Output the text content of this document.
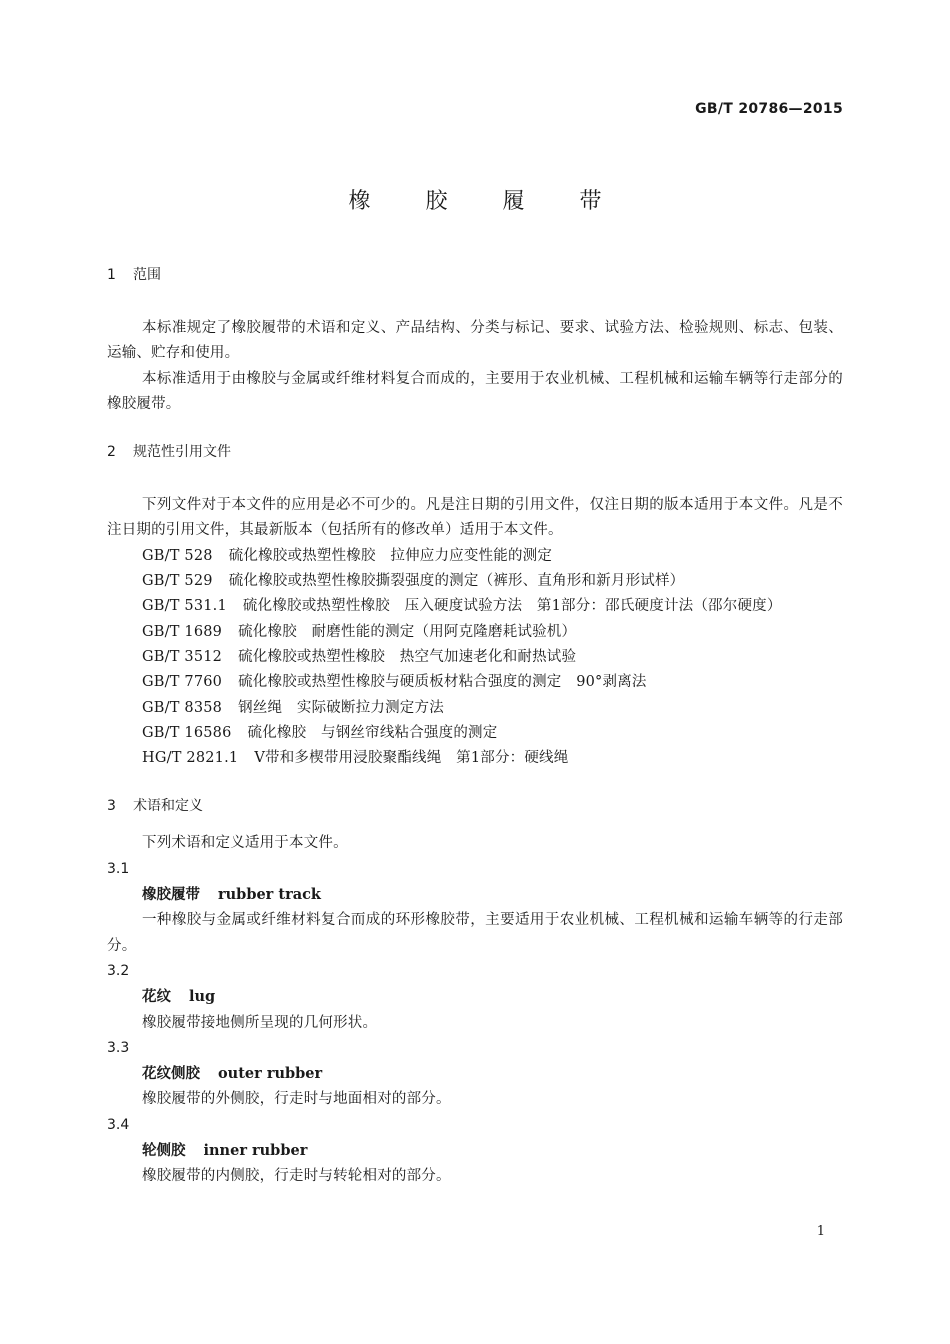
GB/T 20786—2015
橡 胶 履 带
1 范围

本标准规定了橡胶履带的术语和定义、产品结构、分类与标记、要求、试验方法、检验规则、标志、包装、运输、贮存和使用。

本标准适用于由橡胶与金属或纤维材料复合而成的，主要用于农业机械、工程机械和运输车辆等行走部分的橡胶履带。

2 规范性引用文件

下列文件对于本文件的应用是必不可少的。凡是注日期的引用文件，仅注日期的版本适用于本文件。凡是不注日期的引用文件，其最新版本（包括所有的修改单）适用于本文件。

GB/T 528 硫化橡胶或热塑性橡胶　拉伸应力应变性能的测定
GB/T 529 硫化橡胶或热塑性橡胶撕裂强度的测定（裤形、直角形和新月形试样）
GB/T 531.1 硫化橡胶或热塑性橡胶　压入硬度试验方法　第1部分：邵氏硬度计法（邵尔硬度）
GB/T 1689 硫化橡胶　耐磨性能的测定（用阿克隆磨耗试验机）
GB/T 3512 硫化橡胶或热塑性橡胶　热空气加速老化和耐热试验
GB/T 7760 硫化橡胶或热塑性橡胶与硬质板材粘合强度的测定　90°剥离法
GB/T 8358 钢丝绳　实际破断拉力测定方法
GB/T 16586 硫化橡胶　与钢丝帘线粘合强度的测定
HG/T 2821.1 V带和多楔带用浸胶聚酯线绳　第1部分：硬线绳
3 术语和定义

下列术语和定义适用于本文件。

3.1
橡胶履带 rubber track

一种橡胶与金属或纤维材料复合而成的环形橡胶带，主要适用于农业机械、工程机械和运输车辆等的行走部分。

3.2
花纹 lug

橡胶履带接地侧所呈现的几何形状。

3.3
花纹侧胶 outer rubber

橡胶履带的外侧胶，行走时与地面相对的部分。

3.4
轮侧胶 inner rubber

橡胶履带的内侧胶，行走时与转轮相对的部分。

1
